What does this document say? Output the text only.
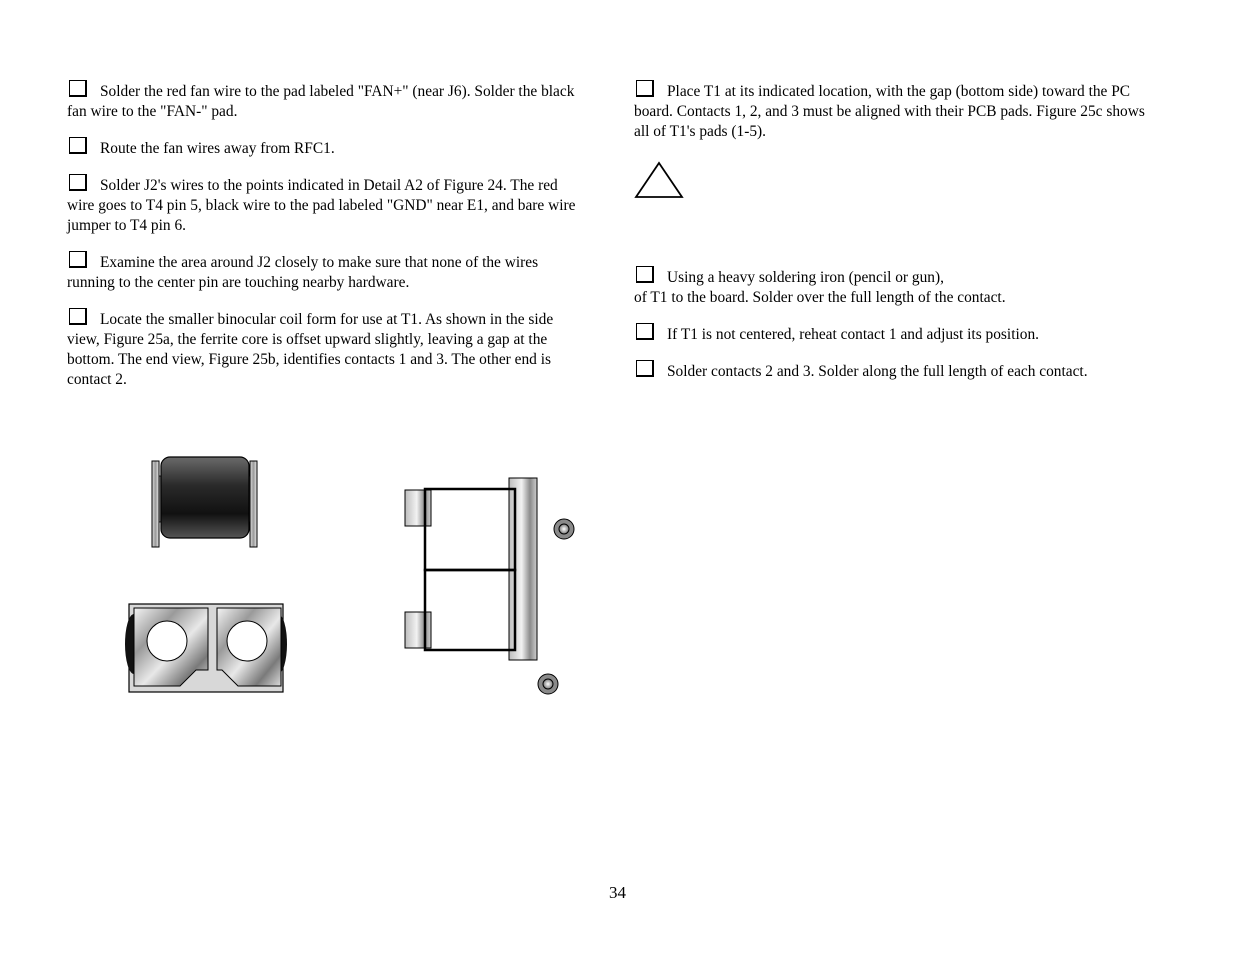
Solder the red fan wire to the pad labeled "FAN+" (near J6). Solder the black fan wire to the "FAN-" pad.
Route the fan wires away from RFC1.
Solder J2's wires to the points indicated in Detail A2 of Figure 24. The red wire goes to T4 pin 5, black wire to the pad labeled "GND" near E1, and bare wire jumper to T4 pin 6.
Examine the area around J2 closely to make sure that none of the wires running to the center pin are touching nearby hardware.
Locate the smaller binocular coil form for use at T1. As shown in the side view, Figure 25a, the ferrite core is offset upward slightly, leaving a gap at the bottom. The end view, Figure 25b, identifies contacts 1 and 3. The other end is contact 2.
Place T1 at its indicated location, with the gap (bottom side) toward the PC board. Contacts 1, 2, and 3 must be aligned with their PCB pads. Figure 25c shows all of T1's pads (1-5).
Using a heavy soldering iron (pencil or gun),
of T1 to the board. Solder over the full length of the contact.
If T1 is not centered, reheat contact 1 and adjust its position.
Solder contacts 2 and 3. Solder along the full length of each contact.
34
